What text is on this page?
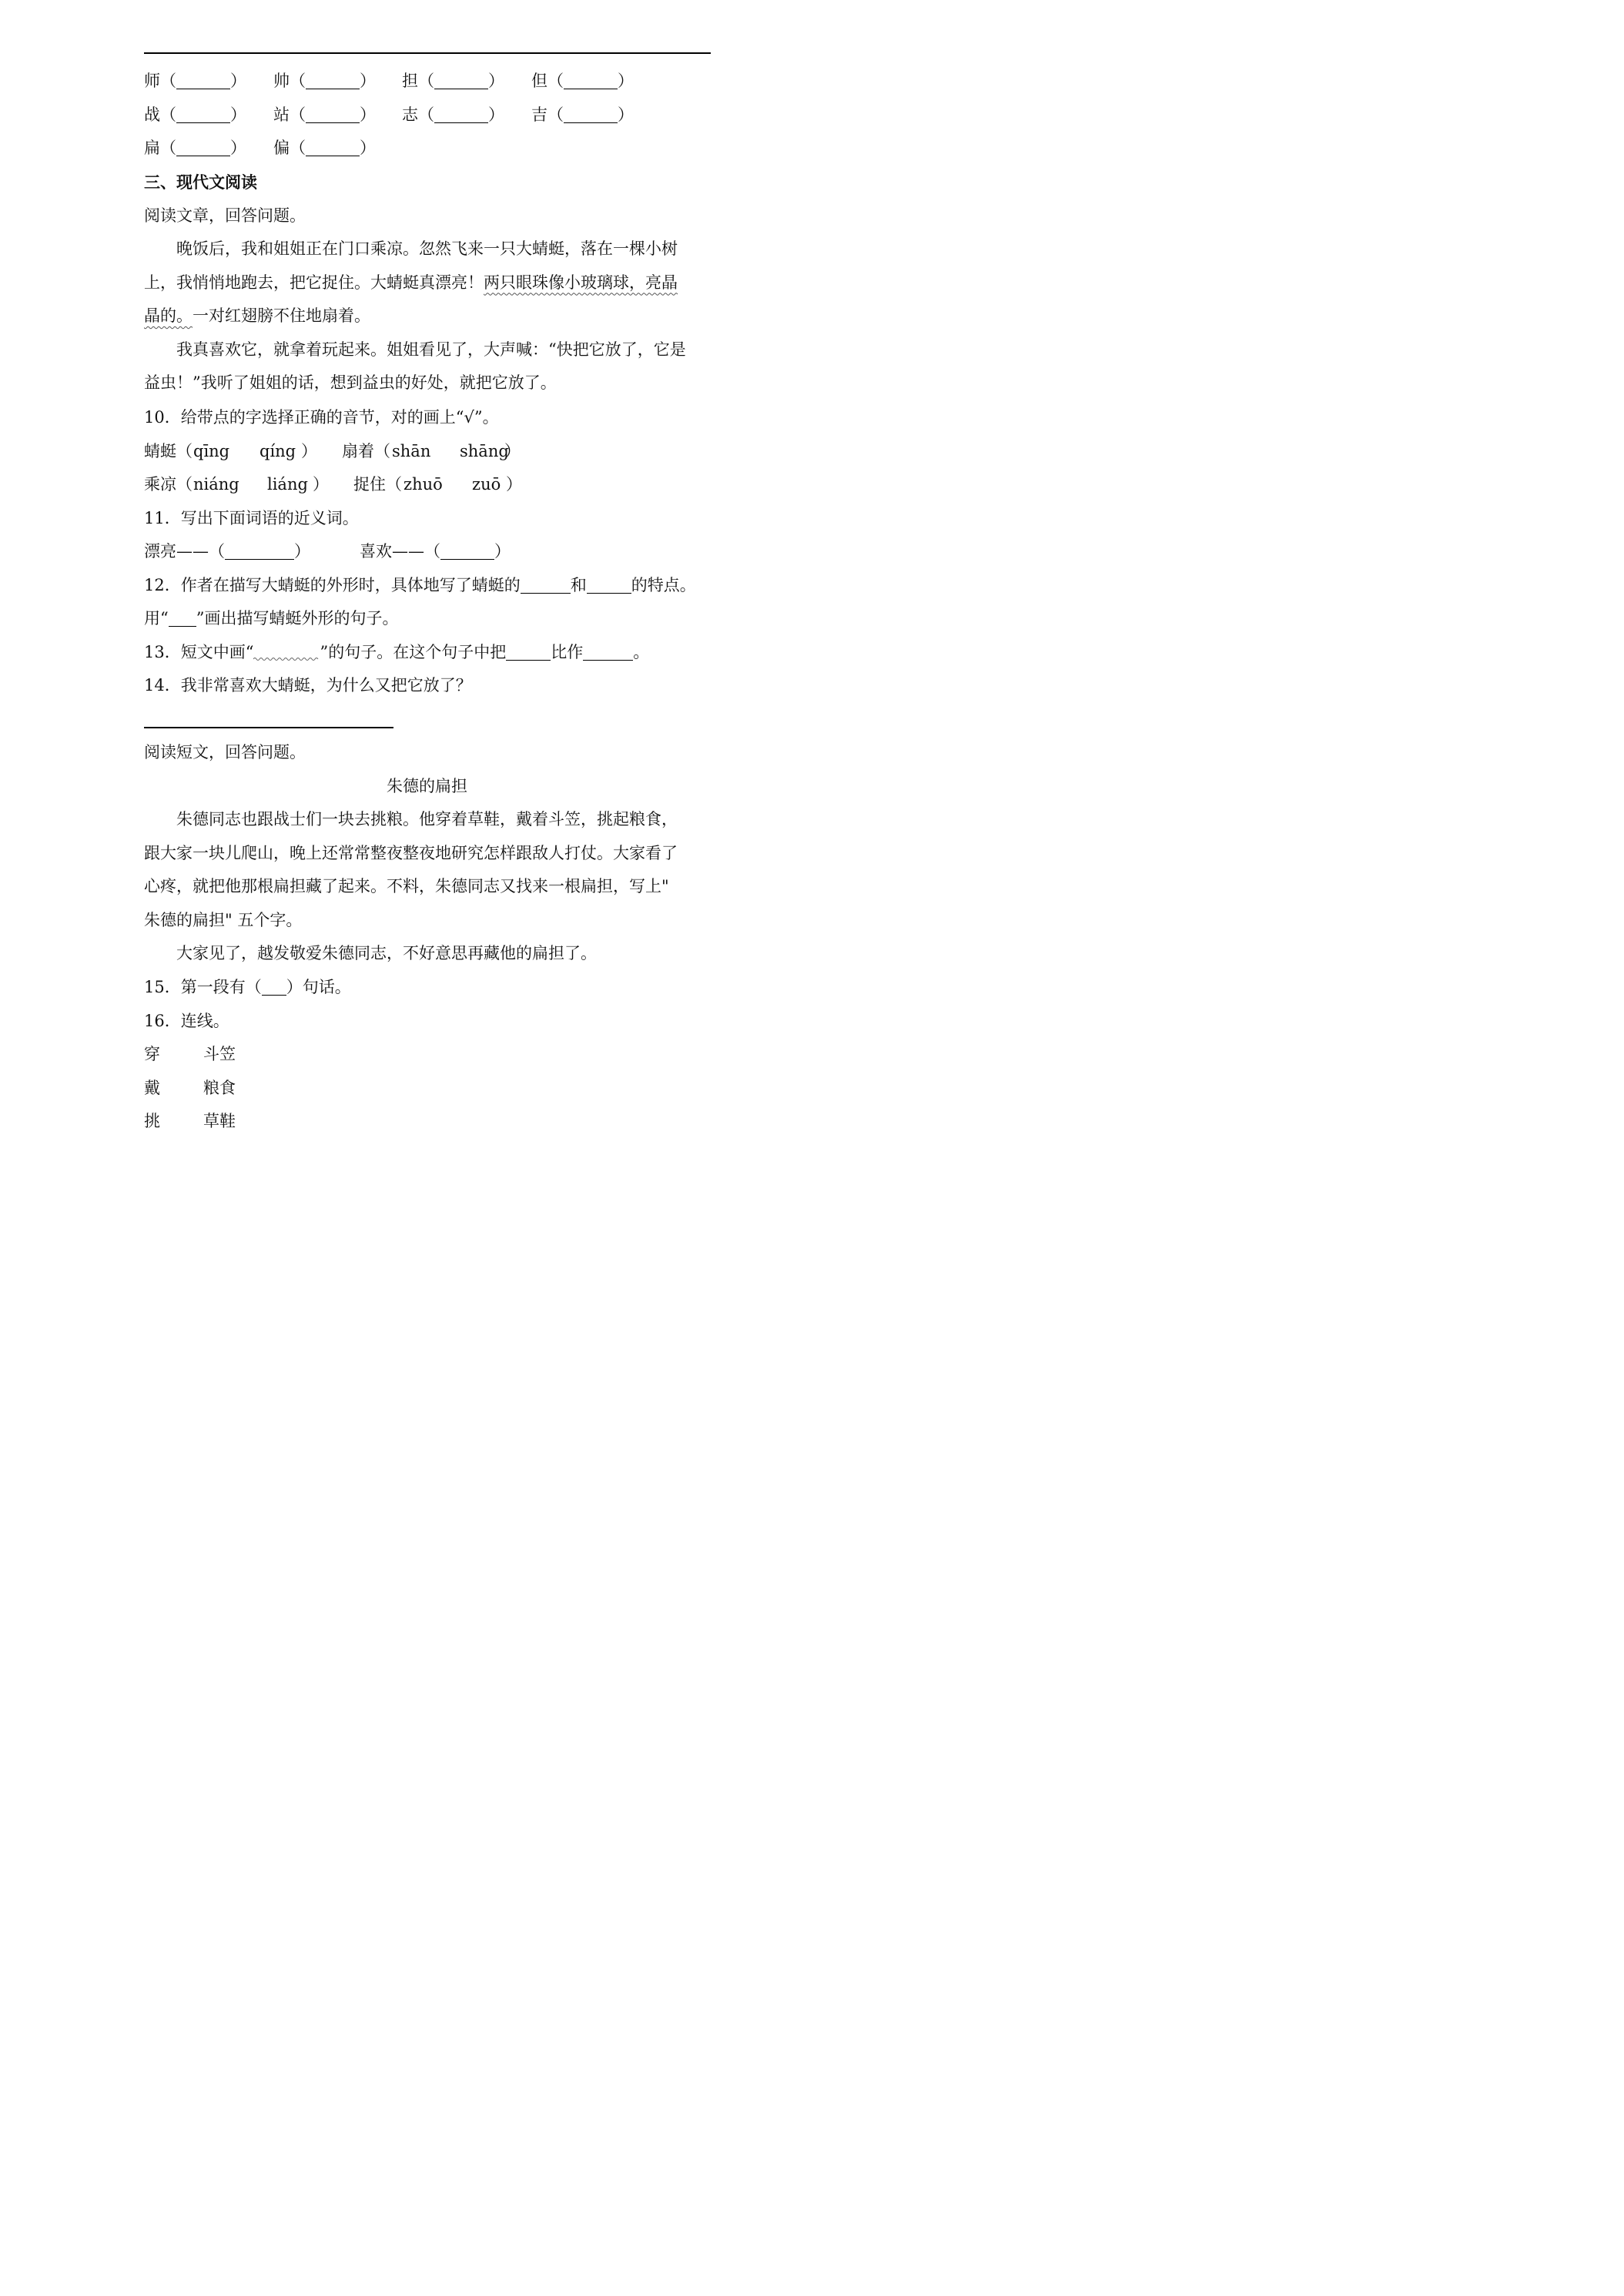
师（	） 帅（	） 担（	） 但（	）
战（	） 站（	） 志（	） 吉（	）
扁（	） 偏（	）
三、现代文阅读
阅读文章，回答问题。
晚饭后，我和姐姐正在门口乘凉。忽然飞来一只大蜻蜓，落在一棵小树
上，我悄悄地跑去，把它捉住。大蜻蜓真漂亮！两只眼珠像小玻璃球，亮晶
晶的。一对红翅膀不住地扇着。
我真喜欢它，就拿着玩起来。姐姐看见了，大声喊：“快把它放了，它是
益虫！”我听了姐姐的话，想到益虫的好处，就把它放了。
10．给带点的字选择正确的音节，对的画上“√”。
蜻蜓（ qīng qíng ） 扇着（ shān shāng
）
乘凉（ niáng liáng ） 捉住（ zhuō zuō ）
11．写出下面词语的近义词。
漂亮——（	）	喜欢——（	）
12．作者在描写大蜻蜓的外形时，具体地写了蜻蜓的	和	的特点。
用“ ”画出描写蜻蜓外形的句子。
13．短文中画“	”的句子。在这个句子中把	比作	。
14．我非常喜欢大蜻蜓，为什么又把它放了？
阅读短文，回答问题。
朱德的扁担
朱德同志也跟战士们一块去挑粮。他穿着草鞋，戴着斗笠，挑起粮食，
跟大家一块儿爬山，晚上还常常整夜整夜地研究怎样跟敌人打仗。大家看了
心疼，就把他那根扁担藏了起来。不料，朱德同志又找来一根扁担，写上"
朱德的扁担" 五个字。
大家见了，越发敬爱朱德同志，不好意思再藏他的扁担了。
15．第一段有（ ）句话。
16．连线。
穿	斗笠
戴	粮食
挑	草鞋
